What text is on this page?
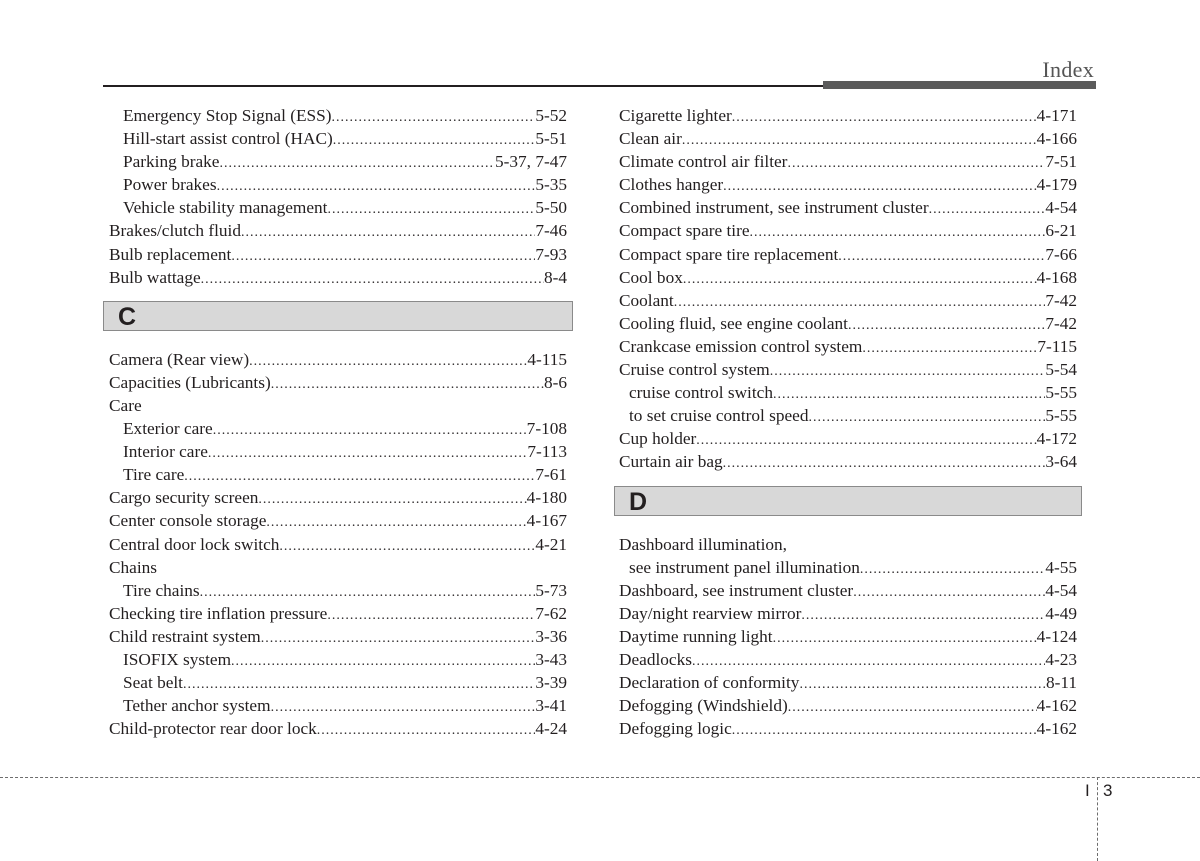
Index
Emergency Stop Signal (ESS) .....	5-52
Hill-start assist control (HAC) .....	5-51
Parking brake .....	5-37, 7-47
Power brakes .....	5-35
Vehicle stability management .....	5-50
Brakes/clutch fluid .....	7-46
Bulb replacement .....	7-93
Bulb wattage .....	8-4
C
Camera (Rear view) .....	4-115
Capacities (Lubricants) .....	8-6
Care
Exterior care .....	7-108
Interior care .....	7-113
Tire care .....	7-61
Cargo security screen .....	4-180
Center console storage .....	4-167
Central door lock switch .....	4-21
Chains
Tire chains .....	5-73
Checking tire inflation pressure .....	7-62
Child restraint system .....	3-36
ISOFIX system .....	3-43
Seat belt .....	3-39
Tether anchor system .....	3-41
Child-protector rear door lock .....	4-24
Cigarette lighter .....	4-171
Clean air .....	4-166
Climate control air filter .....	7-51
Clothes hanger .....	4-179
Combined instrument, see instrument cluster .....	4-54
Compact spare tire .....	6-21
Compact spare tire replacement .....	7-66
Cool box .....	4-168
Coolant .....	7-42
Cooling fluid, see engine coolant .....	7-42
Crankcase emission control system .....	7-115
Cruise control system .....	5-54
cruise control switch .....	5-55
to set cruise control speed .....	5-55
Cup holder .....	4-172
Curtain air bag .....	3-64
D
Dashboard illumination,
see instrument panel illumination .....	4-55
Dashboard, see instrument cluster .....	4-54
Day/night rearview mirror .....	4-49
Daytime running light .....	4-124
Deadlocks .....	4-23
Declaration of conformity .....	8-11
Defogging (Windshield) .....	4-162
Defogging logic .....	4-162
I 3
